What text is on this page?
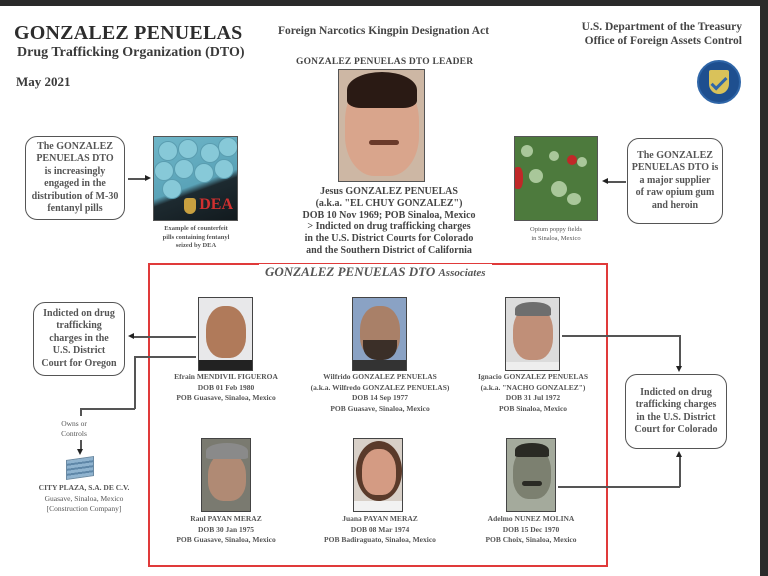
GONZALEZ PENUELAS
Drug Trafficking Organization (DTO)
May 2021
Foreign Narcotics Kingpin Designation Act	U.S. Department of the Treasury
Office of Foreign Assets Control
GONZALEZ PENUELAS DTO LEADER
Jesus GONZALEZ PENUELAS
(a.k.a. "EL CHUY GONZALEZ")
DOB 10 Nov 1969; POB Sinaloa, Mexico
> Indicted on drug trafficking charges
in the U.S. District Courts for Colorado
and the Southern District of California
The GONZALEZ
PENUELAS DTO
is increasingly
engaged in the
distribution of M-30
fentanyl pills	DEA
Example of counterfeit
pills containing fentanyl
seized by DEA
Opium poppy fields
in Sinaloa, Mexico
The GONZALEZ
PENUELAS DTO is
a major supplier
of raw opium gum
and heroin
GONZALEZ PENUELAS DTO Associates
Efrain MENDIVIL FIGUEROA
DOB 01 Feb 1980
POB Guasave, Sinaloa, Mexico
Wilfrido GONZALEZ PENUELAS
(a.k.a. Wilfredo GONZALEZ PENUELAS)
DOB 14 Sep 1977
POB Guasave, Sinaloa, Mexico
Ignacio GONZALEZ PENUELAS
(a.k.a. "NACHO GONZALEZ")
DOB 31 Jul 1972
POB Sinaloa, Mexico
Raul PAYAN MERAZ
DOB 30 Jan 1975
POB Guasave, Sinaloa, Mexico
Juana PAYAN MERAZ
DOB 08 Mar 1974
POB Badiraguato, Sinaloa, Mexico
Adelmo NUNEZ MOLINA
DOB 15 Dec 1970
POB Choix, Sinaloa, Mexico
Indicted on drug
trafficking
charges in the
U.S. District
Court for Oregon
Owns or
Controls
CITY PLAZA, S.A. DE C.V.
Guasave, Sinaloa, Mexico
[Construction Company]
Indicted on drug
trafficking charges
in the U.S. District
Court for Colorado
